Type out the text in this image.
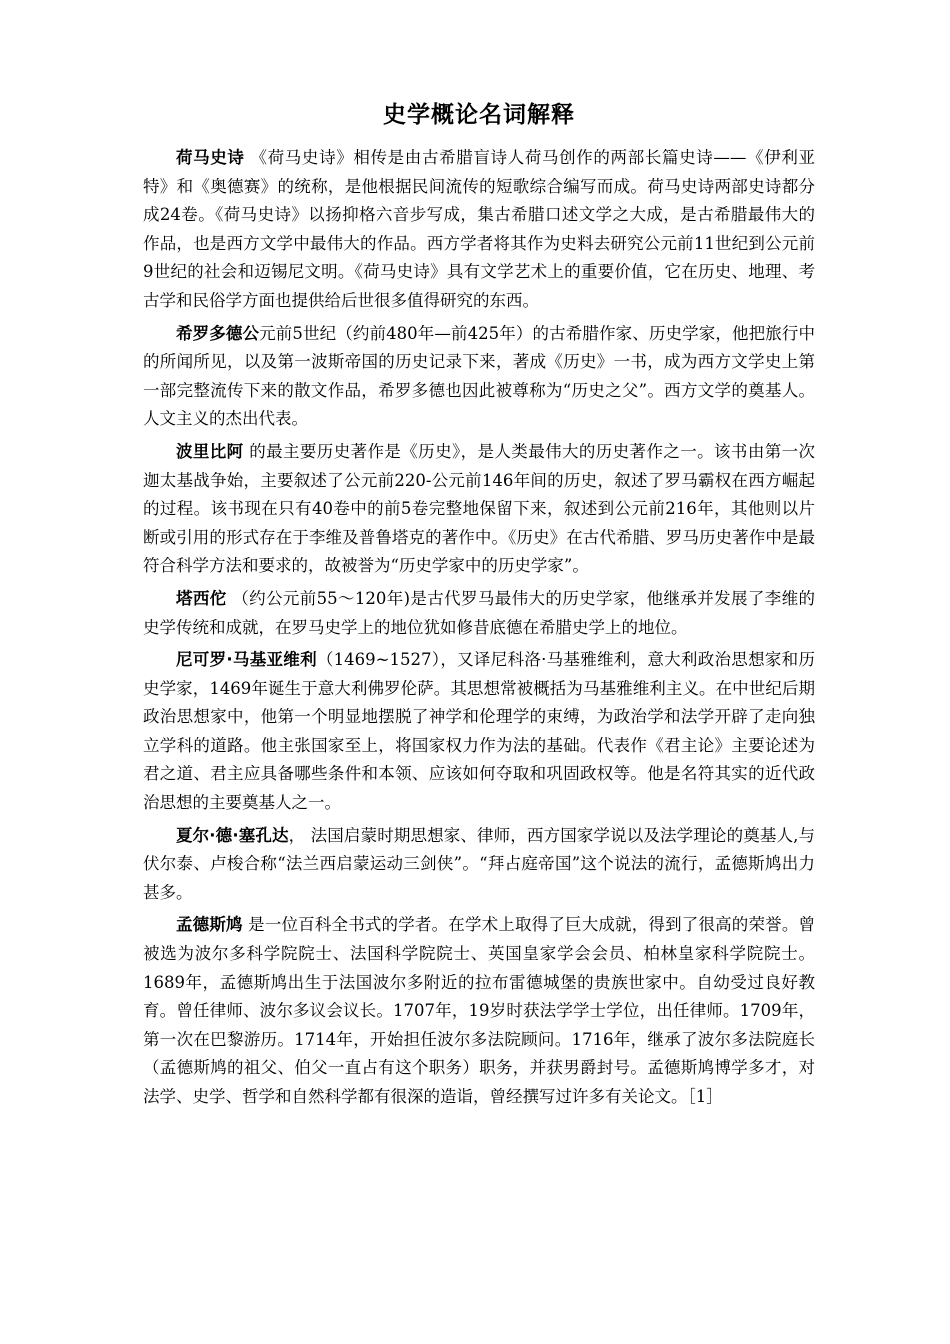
史学概论名词解释

荷马史诗 《荷马史诗》相传是由古希腊盲诗人荷马创作的两部长篇史诗——《伊利亚特》和《奥德赛》的统称，是他根据民间流传的短歌综合编写而成。荷马史诗两部史诗都分成24卷。《荷马史诗》以扬抑格六音步写成，集古希腊口述文学之大成，是古希腊最伟大的作品，也是西方文学中最伟大的作品。西方学者将其作为史料去研究公元前11世纪到公元前9世纪的社会和迈锡尼文明。《荷马史诗》具有文学艺术上的重要价值，它在历史、地理、考古学和民俗学方面也提供给后世很多值得研究的东西。

希罗多德公元前5世纪（约前480年—前425年）的古希腊作家、历史学家，他把旅行中的所闻所见，以及第一波斯帝国的历史记录下来，著成《历史》一书，成为西方文学史上第一部完整流传下来的散文作品，希罗多德也因此被尊称为“历史之父”。西方文学的奠基人。人文主义的杰出代表。

波里比阿 的最主要历史著作是《历史》，是人类最伟大的历史著作之一。该书由第一次迦太基战争始，主要叙述了公元前220-公元前146年间的历史，叙述了罗马霸权在西方崛起的过程。该书现在只有40卷中的前5卷完整地保留下来，叙述到公元前216年，其他则以片断或引用的形式存在于李维及普鲁塔克的著作中。《历史》在古代希腊、罗马历史著作中是最符合科学方法和要求的，故被誉为“历史学家中的历史学家”。

塔西佗 （约公元前55～120年)是古代罗马最伟大的历史学家，他继承并发展了李维的史学传统和成就，在罗马史学上的地位犹如修昔底德在希腊史学上的地位。

尼可罗·马基亚维利（1469~1527），又译尼科洛·马基雅维利，意大利政治思想家和历史学家，1469年诞生于意大利佛罗伦萨。其思想常被概括为马基雅维利主义。在中世纪后期政治思想家中，他第一个明显地摆脱了神学和伦理学的束缚，为政治学和法学开辟了走向独立学科的道路。他主张国家至上，将国家权力作为法的基础。代表作《君主论》主要论述为君之道、君主应具备哪些条件和本领、应该如何夺取和巩固政权等。他是名符其实的近代政治思想的主要奠基人之一。

夏尔·德·塞孔达， 法国启蒙时期思想家、律师，西方国家学说以及法学理论的奠基人,与伏尔泰、卢梭合称“法兰西启蒙运动三剑侠”。“拜占庭帝国”这个说法的流行，孟德斯鸠出力甚多。

孟德斯鸠 是一位百科全书式的学者。在学术上取得了巨大成就，得到了很高的荣誉。曾被选为波尔多科学院院士、法国科学院院士、英国皇家学会会员、柏林皇家科学院院士。1689年，孟德斯鸠出生于法国波尔多附近的拉布雷德城堡的贵族世家中。自幼受过良好教育。曾任律师、波尔多议会议长。1707年，19岁时获法学学士学位，出任律师。1709年，第一次在巴黎游历。1714年，开始担任波尔多法院顾问。1716年，继承了波尔多法院庭长（孟德斯鸠的祖父、伯父一直占有这个职务）职务，并获男爵封号。孟德斯鸠博学多才，对法学、史学、哲学和自然科学都有很深的造诣，曾经撰写过许多有关论文。［1］
